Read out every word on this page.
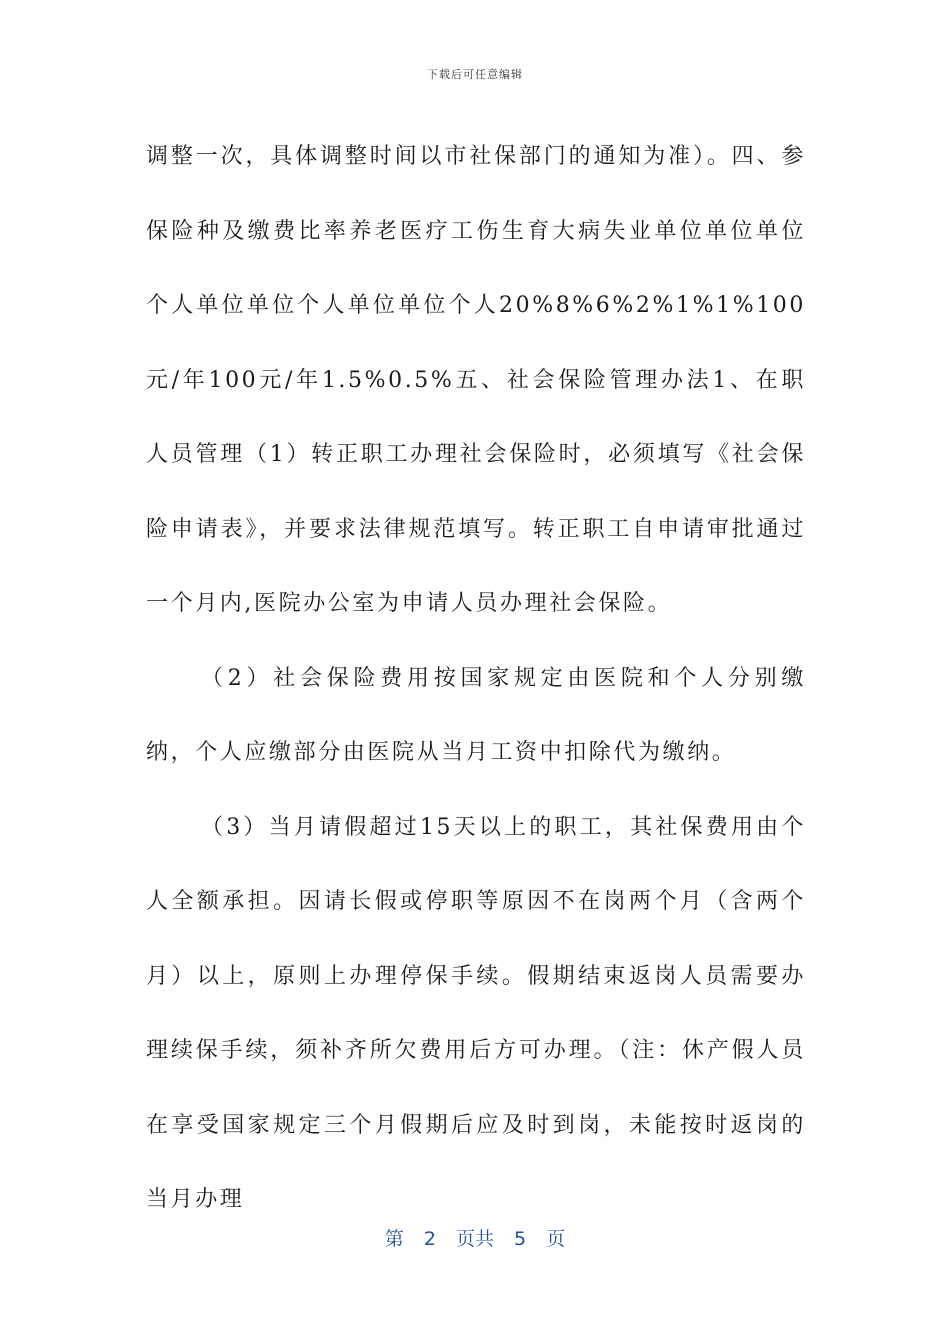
下载后可任意编辑

调整一次，具体调整时间以市社保部门的通知为准）。四、参保险种及缴费比率养老医疗工伤生育大病失业单位单位单位个人单位单位个人单位单位个人20%8%6%2%1%1%100元/年100元/年1.5%0.5%五、社会保险管理办法1、在职人员管理（1）转正职工办理社会保险时，必须填写《社会保险申请表》，并要求法律规范填写。转正职工自申请审批通过一个月内,医院办公室为申请人员办理社会保险。

（2）社会保险费用按国家规定由医院和个人分别缴纳，个人应缴部分由医院从当月工资中扣除代为缴纳。

（3）当月请假超过15天以上的职工，其社保费用由个人全额承担。因请长假或停职等原因不在岗两个月（含两个月）以上，原则上办理停保手续。假期结束返岗人员需要办理续保手续，须补齐所欠费用后方可办理。（注：休产假人员在享受国家规定三个月假期后应及时到岗，未能按时返岗的当月办理

第 2 页共 5 页
